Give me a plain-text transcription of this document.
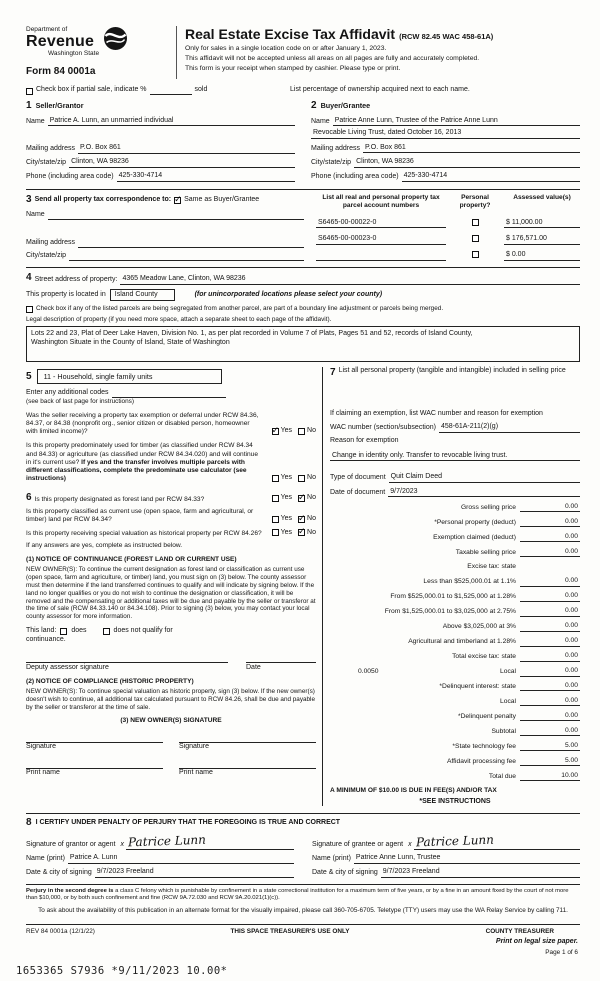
Department of
Revenue
Washington State
Form 84 0001a
Real Estate Excise Tax Affidavit (RCW 82.45 WAC 458-61A)
Only for sales in a single location code on or after January 1, 2023.
This affidavit will not be accepted unless all areas on all pages are fully and accurately completed.
This form is your receipt when stamped by cashier. Please type or print.
Check box if partial sale, indicate %	sold	List percentage of ownership acquired next to each name.
1 Seller/Grantor
Name Patrice A. Lunn, an unmarried individual
Mailing address P.O. Box 861
City/state/zip Clinton, WA 98236
Phone (including area code) 425-330-4714
2 Buyer/Grantee
Name Patrice Anne Lunn, Trustee of the Patrice Anne Lunn
Revocable Living Trust, dated October 16, 2013
Mailing address P.O. Box 861
City/state/zip Clinton, WA 98236
Phone (including area code) 425-330-4714
3 Send all property tax correspondence to: ✓ Same as Buyer/Grantee
Name
Mailing address
City/state/zip
List all real and personal property tax parcel account numbers
Personal property?
Assessed value(s)
S6465-00-00022-0	$ 11,000.00
S6465-00-00023-0	$ 176,571.00
$ 0.00
4 Street address of property: 4365 Meadow Lane, Clinton, WA 98236
This property is located in	Island County	(for unincorporated locations please select your county)
Check box if any of the listed parcels are being segregated from another parcel, are part of a boundary line adjustment or parcels being merged.
Legal description of property (if you need more space, attach a separate sheet to each page of the affidavit).
Lots 22 and 23, Plat of Deer Lake Haven, Division No. 1, as per plat recorded in Volume 7 of Plats, Pages 51 and 52, records of Island County,
Washington Situate in the County of Island, State of Washington
5	11 - Household, single family units
Enter any additional codes
(see back of last page for instructions)
Was the seller receiving a property tax exemption or deferral under RCW 84.36, 84.37, or 84.38 (nonprofit org., senior citizen or disabled person, homeowner with limited income)? ✓	Yes No
Is this property predominately used for timber (as classified under RCW 84.34 and 84.33) or agriculture (as classified under RCW 84.34.020) and will continue in it's current use? If yes and the transfer involves multiple parcels with different classifications, complete the predominate use calculator (see instructions)	Yes No
6 Is this property designated as forest land per RCW 84.33?	Yes ✓ No
Is this property classified as current use (open space, farm and agricultural, or timber) land per RCW 84.34?	Yes ✓ No
Is this property receiving special valuation as historical property per RCW 84.26?	Yes ✓ No
If any answers are yes, complete as instructed below.
(1) NOTICE OF CONTINUANCE (FOREST LAND OR CURRENT USE)
NEW OWNER(S): To continue the current designation as forest land or classification as current use (open space, farm and agriculture, or timber) land, you must sign on (3) below. The county assessor must then determine if the land transferred continues to qualify and will indicate by signing below. If the land no longer qualifies or you do not wish to continue the designation or classification, it will be removed and the compensating or additional taxes will be due and payable by the seller or transferor at the time of sale (RCW 84.33.140 or 84.34.108). Prior to signing (3) below, you may contact your local county assessor for more information.
This land: does	does not qualify for
continuance.
Deputy assessor signature	Date
(2) NOTICE OF COMPLIANCE (HISTORIC PROPERTY)
NEW OWNER(S): To continue special valuation as historic property, sign (3) below. If the new owner(s) doesn't wish to continue, all additional tax calculated pursuant to RCW 84.26, shall be due and payable by the seller or transferor at the time of sale.
(3) NEW OWNER(S) SIGNATURE
Signature	Signature
Print name	Print name
7 List all personal property (tangible and intangible) included in selling price
If claiming an exemption, list WAC number and reason for exemption
WAC number (section/subsection) 458-61A-211(2)(g)
Reason for exemption
Change in identity only. Transfer to revocable living trust.
Type of document Quit Claim Deed
Date of document 9/7/2023
Gross selling price	0.00
*Personal property (deduct)	0.00
Exemption claimed (deduct)	0.00
Taxable selling price	0.00
Excise tax: state
Less than $525,000.01 at 1.1%	0.00
From $525,000.01 to $1,525,000 at 1.28%	0.00
From $1,525,000.01 to $3,025,000 at 2.75%	0.00
Above $3,025,000 at 3%	0.00
Agricultural and timberland at 1.28%	0.00
Total excise tax: state	0.00
0.0050	Local	0.00
*Delinquent interest: state	0.00
Local	0.00
*Delinquent penalty	0.00
Subtotal	0.00
*State technology fee	5.00
Affidavit processing fee	5.00
Total due	10.00
A MINIMUM OF $10.00 IS DUE IN FEE(S) AND/OR TAX
*SEE INSTRUCTIONS
8 I CERTIFY UNDER PENALTY OF PERJURY THAT THE FOREGOING IS TRUE AND CORRECT
Signature of grantor or agent x Patrice Lunn
Name (print) Patrice A. Lunn
Date & city of signing 9/7/2023 Freeland
Signature of grantee or agent x Patrice Lunn
Name (print) Patrice Anne Lunn, Trustee
Date & city of signing 9/7/2023 Freeland
Perjury in the second degree is a class C felony which is punishable by confinement in a state correctional institution for a maximum term of five years, or by a fine in an amount fixed by the court of not more than $10,000, or by both such confinement and fine (RCW 9A.72.030 and RCW 9A.20.021(1)(c)).
To ask about the availability of this publication in an alternate format for the visually impaired, please call 360-705-6705. Teletype (TTY) users may use the WA Relay Service by calling 711.
REV 84 0001a (12/1/22)	THIS SPACE TREASURER'S USE ONLY	COUNTY TREASURER
Print on legal size paper.
Page 1 of 6
1653365 S7936 *9/11/2023 10.00*
